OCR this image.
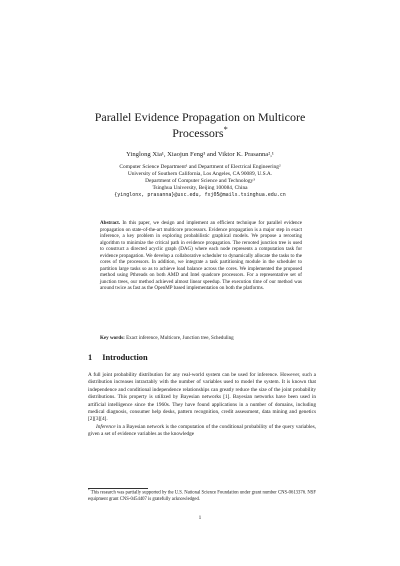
Parallel Evidence Propagation on Multicore
Processors*
Yinglong Xia¹, Xiaojun Feng³ and Viktor K. Prasanna²,¹
Computer Science Department¹ and Department of Electrical Engineering²
University of Southern California, Los Angeles, CA 90089, U.S.A.
Department of Computer Science and Technology³
Tsinghua University, Beijing 100084, China
{yinglonx, prasanna}@usc.edu, fxj05@mails.tsinghua.edu.cn
Abstract. In this paper, we design and implement an efficient technique for parallel evidence propagation on state-of-the-art multicore processors. Evidence propagation is a major step in exact inference, a key problem in exploring probabilistic graphical models. We propose a rerooting algorithm to minimize the critical path in evidence propagation. The rerooted junction tree is used to construct a directed acyclic graph (DAG) where each node represents a computation task for evidence propagation. We develop a collaborative scheduler to dynamically allocate the tasks to the cores of the processors. In addition, we integrate a task partitioning module in the scheduler to partition large tasks so as to achieve load balance across the cores. We implemented the proposed method using Pthreads on both AMD and Intel quadcore processors. For a representative set of junction trees, our method achieved almost linear speedup. The execution time of our method was around twice as fast as the OpenMP based implementation on both the platforms.
Key words: Exact inference, Multicore, Junction tree, Scheduling
1 Introduction

A full joint probability distribution for any real-world system can be used for inference. However, such a distribution increases intractably with the number of variables used to model the system. It is known that independence and conditional independence relationships can greatly reduce the size of the joint probability distributions. This property is utilized by Bayesian networks [1]. Bayesian networks have been used in artificial intelligence since the 1960s. They have found applications in a number of domains, including medical diagnosis, consumer help desks, pattern recognition, credit assessment, data mining and genetics [2][3][4].

Inference in a Bayesian network is the computation of the conditional probability of the query variables, given a set of evidence variables as the knowledge

* This research was partially supported by the U.S. National Science Foundation under grant number CNS-0613376. NSF equipment grant CNS-0454407 is gratefully acknowledged.
1
